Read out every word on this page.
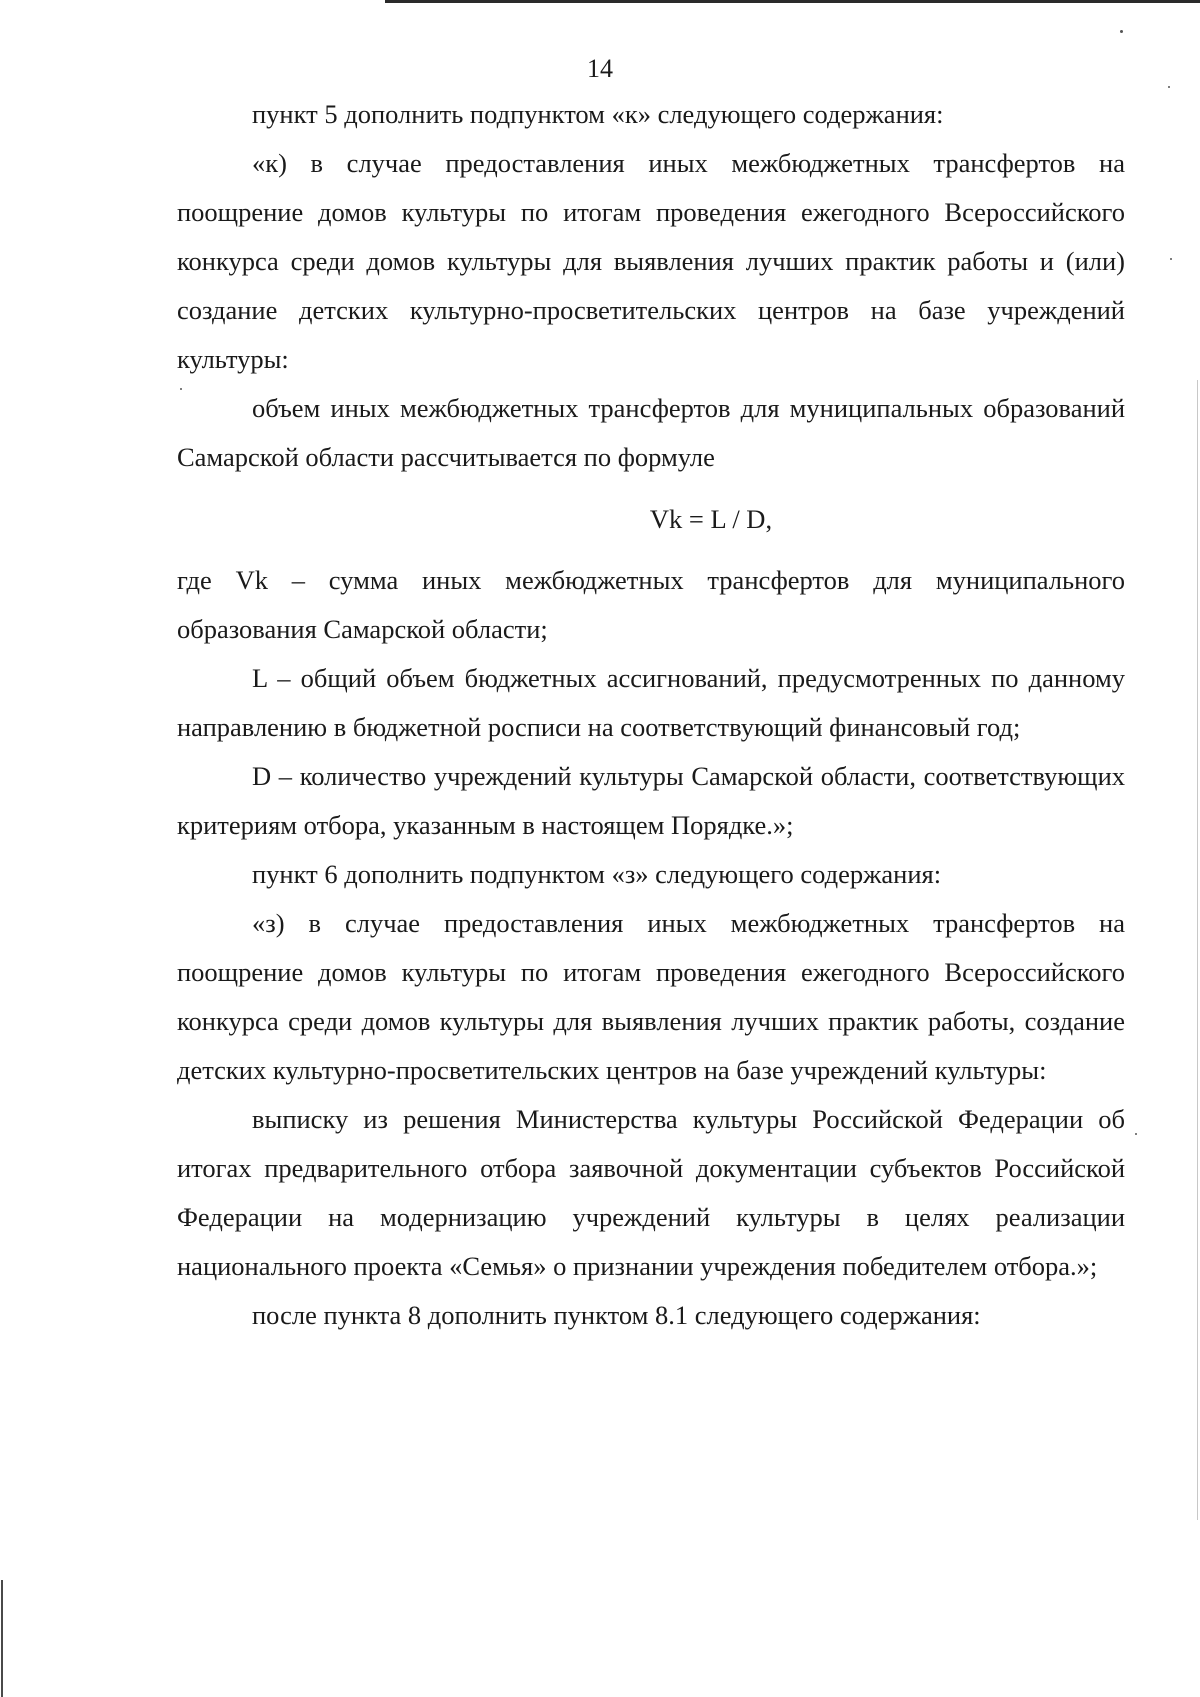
14

пункт 5 дополнить подпунктом «к» следующего содержания:

«к) в случае предоставления иных межбюджетных трансфертов на поощрение домов культуры по итогам проведения ежегодного Всероссийского конкурса среди домов культуры для выявления лучших практик работы и (или) создание детских культурно-просветительских центров на базе учреждений культуры:

объем иных межбюджетных трансфертов для муниципальных образований Самарской области рассчитывается по формуле

Vk = L / D,

где Vk – сумма иных межбюджетных трансфертов для муниципального образования Самарской области;

L – общий объем бюджетных ассигнований, предусмотренных по данному направлению в бюджетной росписи на соответствующий финансовый год;

D – количество учреждений культуры Самарской области, соответствующих критериям отбора, указанным в настоящем Порядке.»;

пункт 6 дополнить подпунктом «з» следующего содержания:

«з) в случае предоставления иных межбюджетных трансфертов на поощрение домов культуры по итогам проведения ежегодного Всероссийского конкурса среди домов культуры для выявления лучших практик работы, создание детских культурно-просветительских центров на базе учреждений культуры:

выписку из решения Министерства культуры Российской Федерации об итогах предварительного отбора заявочной документации субъектов Российской Федерации на модернизацию учреждений культуры в целях реализации национального проекта «Семья» о признании учреждения победителем отбора.»;

после пункта 8 дополнить пунктом 8.1 следующего содержания:
